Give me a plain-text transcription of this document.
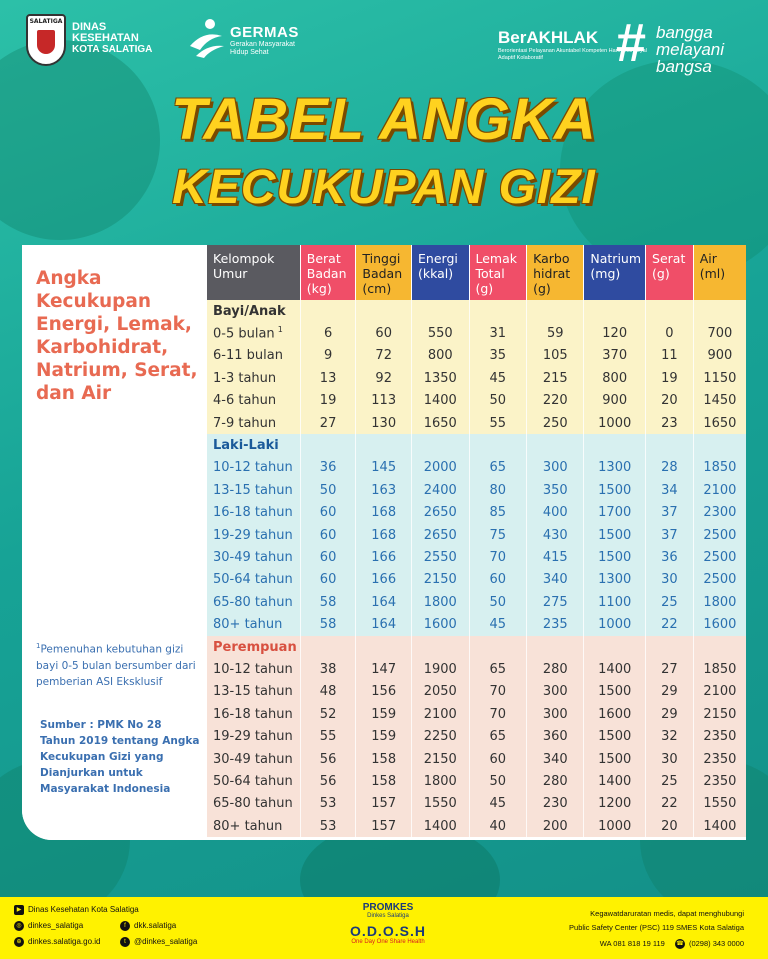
SALATIGA DINAS
KESEHATAN
KOTA SALATIGA
GERMAS
Gerakan Masyarakat Hidup Sehat
BerAKHLAK
Berorientasi Pelayanan Akuntabel Kompeten Harmonis Loyal Adaptif Kolaboratif	# bangga
melayani
bangsa
TABEL ANGKA
KECUKUPAN GIZI
Angka Kecukupan Energi, Lemak, Karbohidrat, Natrium, Serat, dan Air
$^1$Pemenuhan kebutuhan gizi bayi 0-5 bulan bersumber dari pemberian ASI Eksklusif
Sumber : PMK No 28 Tahun 2019 tentang Angka Kecukupan Gizi yang Dianjurkan untuk Masyarakat Indonesia
Kelompok Umur	Berat Badan (kg)	Tinggi Badan (cm)	Energi (kkal)	Lemak Total (g)	Karbo hidrat (g)	Natrium (mg)	Serat (g)	Air (ml)
Bayi/Anak								
0-5 bulan $^1$	6	60	550	31	59	120	0	700
6-11 bulan	9	72	800	35	105	370	11	900
1-3 tahun	13	92	1350	45	215	800	19	1150
4-6 tahun	19	113	1400	50	220	900	20	1450
7-9 tahun	27	130	1650	55	250	1000	23	1650
Laki-Laki								
10-12 tahun	36	145	2000	65	300	1300	28	1850
13-15 tahun	50	163	2400	80	350	1500	34	2100
16-18 tahun	60	168	2650	85	400	1700	37	2300
19-29 tahun	60	168	2650	75	430	1500	37	2500
30-49 tahun	60	166	2550	70	415	1500	36	2500
50-64 tahun	60	166	2150	60	340	1300	30	2500
65-80 tahun	58	164	1800	50	275	1100	25	1800
80+ tahun	58	164	1600	45	235	1000	22	1600
Perempuan								
10-12 tahun	38	147	1900	65	280	1400	27	1850
13-15 tahun	48	156	2050	70	300	1500	29	2100
16-18 tahun	52	159	2100	70	300	1600	29	2150
19-29 tahun	55	159	2250	65	360	1500	32	2350
30-49 tahun	56	158	2150	60	340	1500	30	2350
50-64 tahun	56	158	1800	50	280	1400	25	2350
65-80 tahun	53	157	1550	45	230	1200	22	1550
80+ tahun	53	157	1400	40	200	1000	20	1400
▶ Dinas Kesehatan Kota Salatiga
◎ dinkes_salatiga	f dkk.salatiga
⊕ dinkes.salatiga.go.id	t @dinkes_salatiga
PROMKES
Dinkes Salatiga
O.D.O.S.H
One Day One Share Health
Kegawatdaruratan medis, dapat menghubungi
Public Safety Center (PSC) 119 SMES Kota Salatiga
WA 081 818 19 119 ☎ (0298) 343 0000
